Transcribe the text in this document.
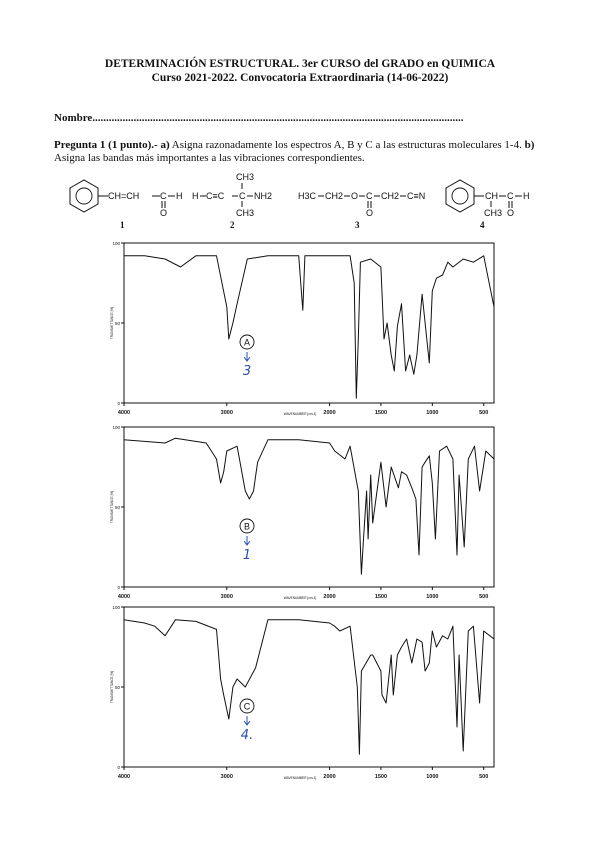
DETERMINACIÓN ESTRUCTURAL. 3er CURSO del GRADO en QUIMICA
Curso 2021-2022. Convocatoria Extraordinaria (14-06-2022)
Nombre.......................................................................................................................................
Pregunta 1 (1 punto).- a) Asigna razonadamente los espectros A, B y C a las estructuras moleculares 1-4. b) Asigna las bandas más importantes a las vibraciones correspondientes.
CH=CH C H
O
1
H C≡C C NH2
CH3
CH3
2
H3C CH2 O C
O
CH2 C≡N
3
CH C H
CH3 O
4
4000	3000	2000	1500	1000	500
100
50
0
WAVENUMBER [cm-1]
TRANSMITTANCE [%]
A
3
4000	3000	2000	1500	1000	500
100
50
0
WAVENUMBER [cm-1]
TRANSMITTANCE [%]
B
1
4000	3000	2000	1500	1000	500
100
50
0
WAVENUMBER [cm-1]
TRANSMITTANCE [%]
C
4.
